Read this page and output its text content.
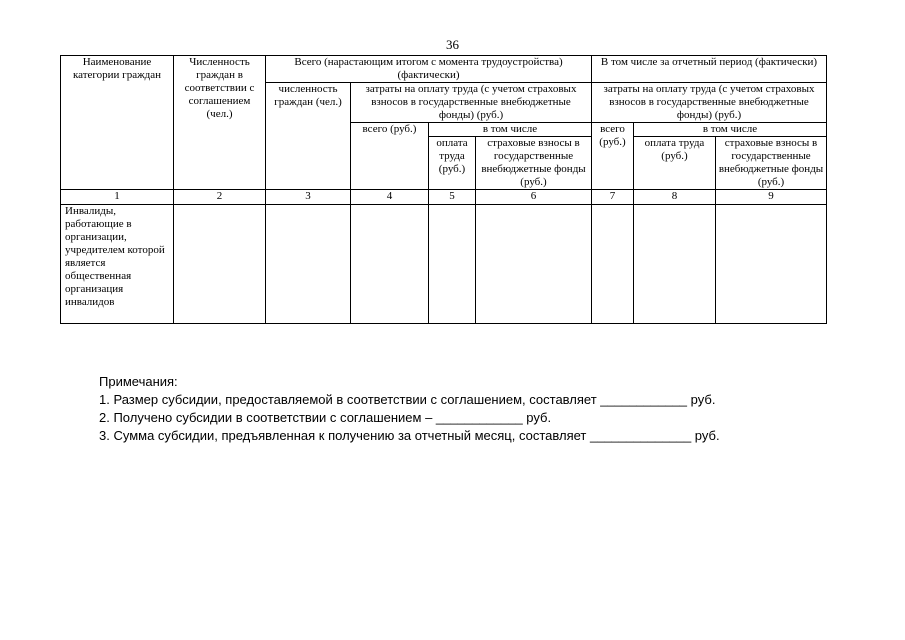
36
Наименование категории граждан	Численность граждан в соответствии с соглашением (чел.)	Всего (нарастающим итогом с момента трудоустройства) (фактически)				В том числе за отчетный период (фактически)		
		численность граждан (чел.)	затраты на оплату труда (с учетом страховых взносов в государственные внебюджетные фонды) (руб.)			затраты на оплату труда (с учетом страховых взносов в государственные внебюджетные фонды) (руб.)		
			всего (руб.)	в том числе		всего (руб.)	в том числе	
				оплата труда (руб.)	страховые взносы в государственные внебюджетные фонды (руб.)		оплата труда (руб.)	страховые взносы в государственные внебюджетные фонды (руб.)
1	2	3	4	5	6	7	8	9
Инвалиды, работающие в организации, учредителем которой является общественная организация инвалидов								
Примечания:
1. Размер субсидии, предоставляемой в соответствии с соглашением, составляет ____________ руб.
2. Получено субсидии в соответствии с соглашением – ____________ руб.
3. Сумма субсидии, предъявленная к получению за отчетный месяц, составляет ______________ руб.
